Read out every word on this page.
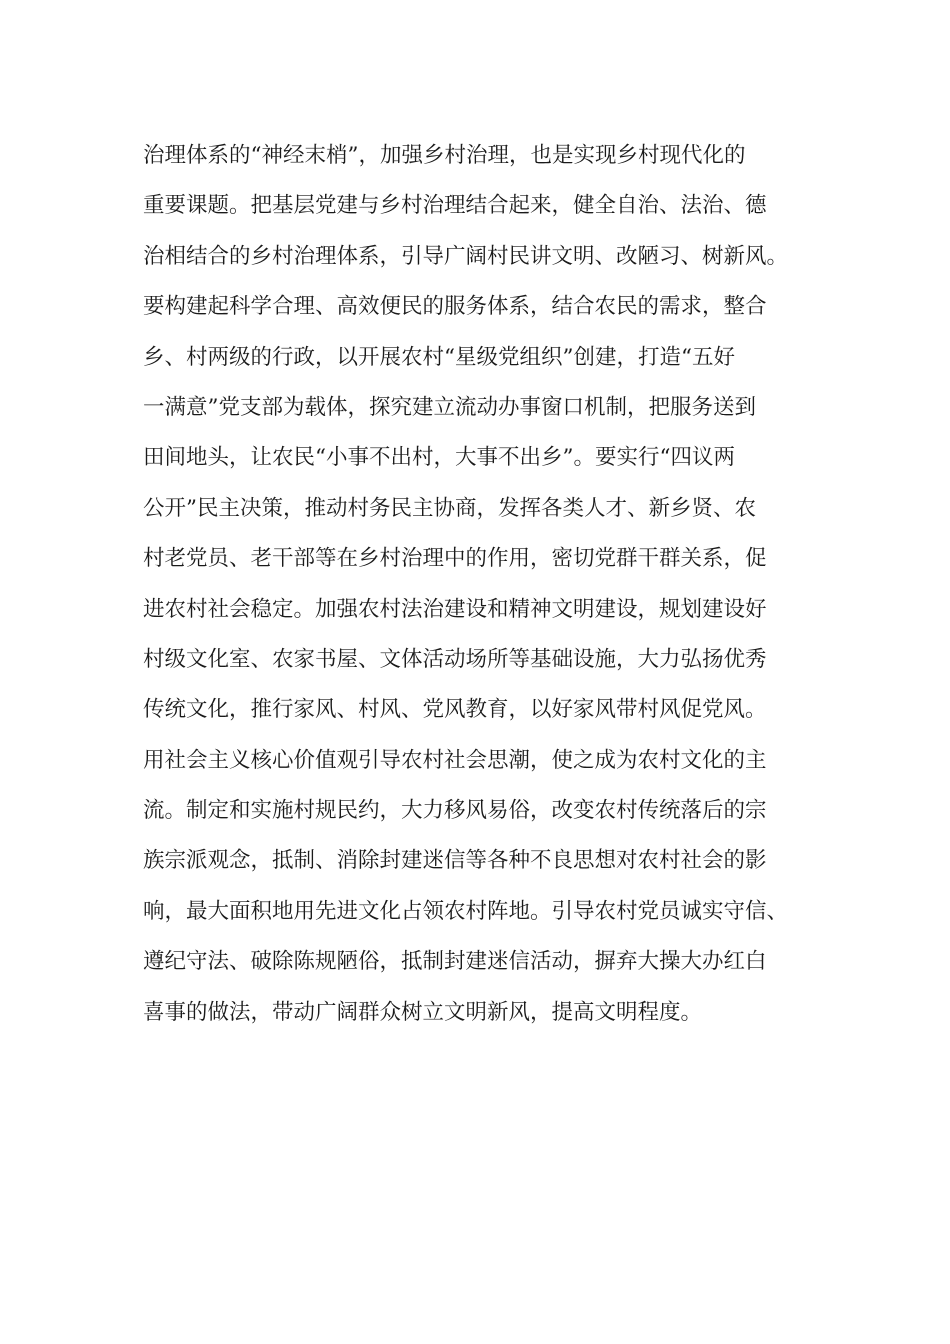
治理体系的“神经末梢”，加强乡村治理，也是实现乡村现代化的
重要课题。把基层党建与乡村治理结合起来，健全自治、法治、德
治相结合的乡村治理体系，引导广阔村民讲文明、改陋习、树新风。
要构建起科学合理、高效便民的服务体系，结合农民的需求，整合
乡、村两级的行政，以开展农村“星级党组织”创建，打造“五好
一满意”党支部为载体，探究建立流动办事窗口机制，把服务送到
田间地头，让农民“小事不出村，大事不出乡”。要实行“四议两
公开”民主决策，推动村务民主协商，发挥各类人才、新乡贤、农
村老党员、老干部等在乡村治理中的作用，密切党群干群关系，促
进农村社会稳定。加强农村法治建设和精神文明建设，规划建设好
村级文化室、农家书屋、文体活动场所等基础设施，大力弘扬优秀
传统文化，推行家风、村风、党风教育，以好家风带村风促党风。
用社会主义核心价值观引导农村社会思潮，使之成为农村文化的主
流。制定和实施村规民约，大力移风易俗，改变农村传统落后的宗
族宗派观念，抵制、消除封建迷信等各种不良思想对农村社会的影
响，最大面积地用先进文化占领农村阵地。引导农村党员诚实守信、
遵纪守法、破除陈规陋俗，抵制封建迷信活动，摒弃大操大办红白
喜事的做法，带动广阔群众树立文明新风，提高文明程度。
